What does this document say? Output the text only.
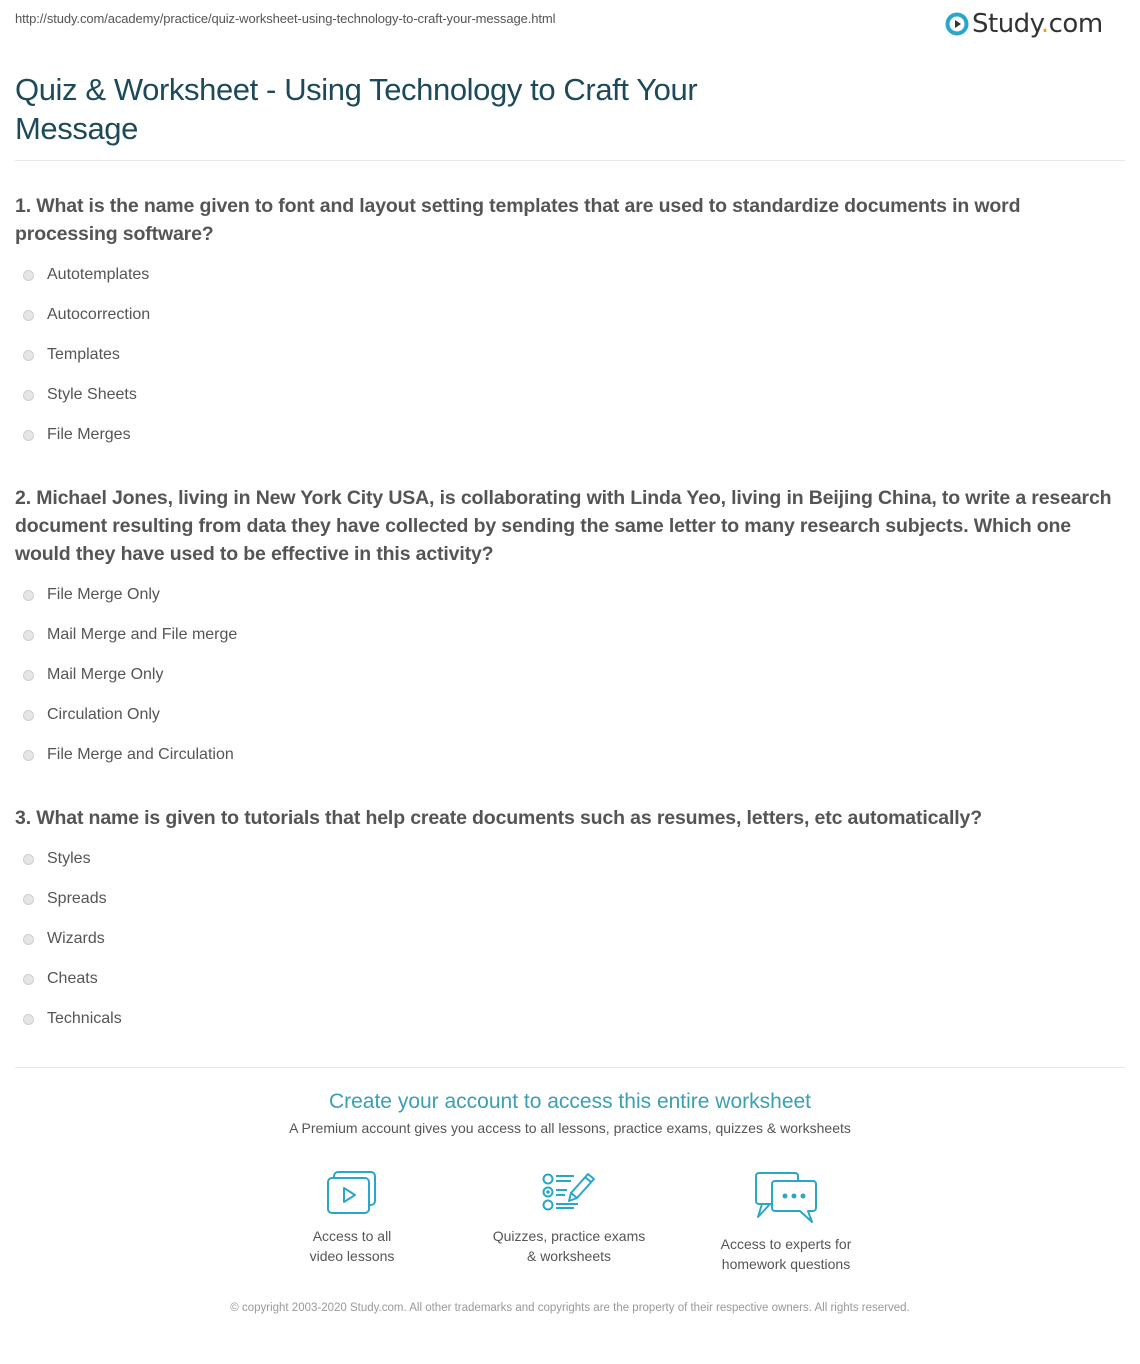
http://study.com/academy/practice/quiz-worksheet-using-technology-to-craft-your-message.html	Study.com
Quiz & Worksheet - Using Technology to Craft Your Message
1. What is the name given to font and layout setting templates that are used to standardize documents in word processing software?
Autotemplates
Autocorrection
Templates
Style Sheets
File Merges
2. Michael Jones, living in New York City USA, is collaborating with Linda Yeo, living in Beijing China, to write a research document resulting from data they have collected by sending the same letter to many research subjects. Which one would they have used to be effective in this activity?
File Merge Only
Mail Merge and File merge
Mail Merge Only
Circulation Only
File Merge and Circulation
3. What name is given to tutorials that help create documents such as resumes, letters, etc automatically?
Styles
Spreads
Wizards
Cheats
Technicals
Create your account to access this entire worksheet
A Premium account gives you access to all lessons, practice exams, quizzes & worksheets
Access to all
video lessons
Quizzes, practice exams
& worksheets
Access to experts for
homework questions
© copyright 2003-2020 Study.com. All other trademarks and copyrights are the property of their respective owners. All rights reserved.
